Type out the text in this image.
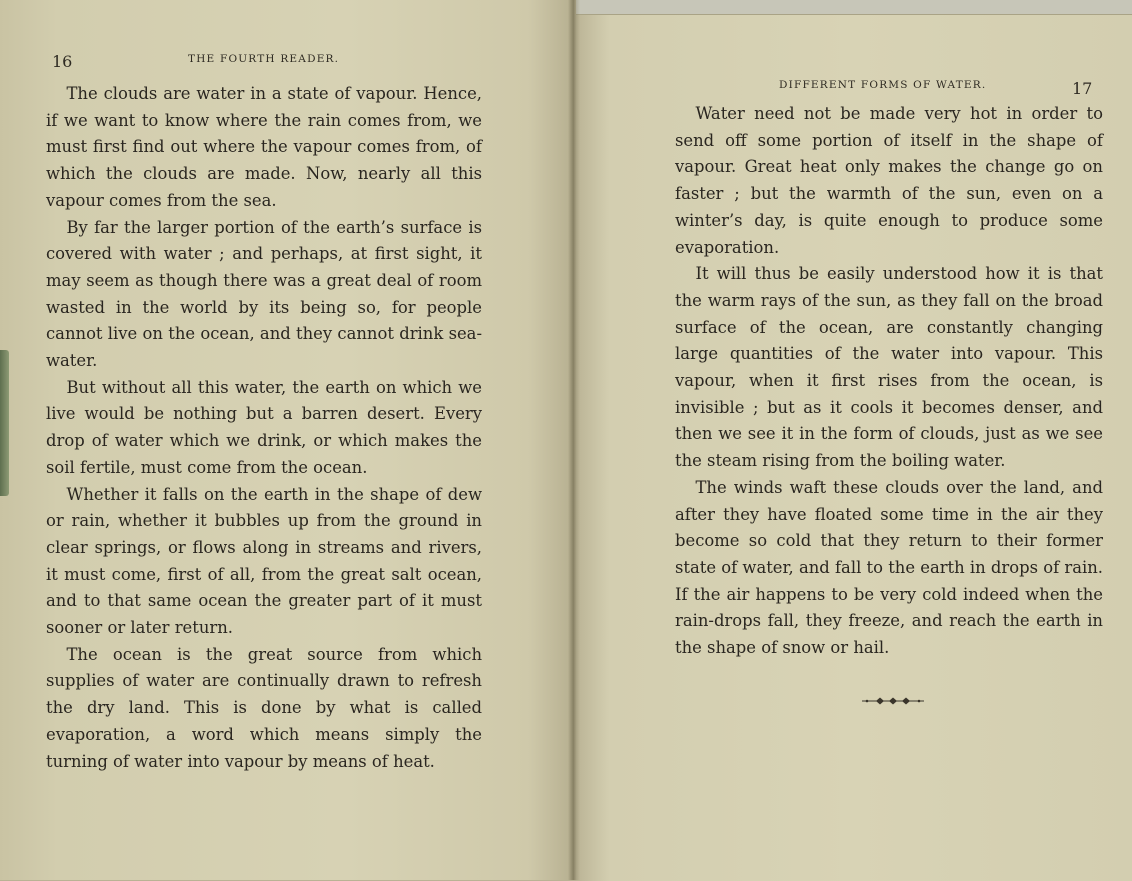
16	THE FOURTH READER.
DIFFERENT FORMS OF WATER.	17

The clouds are water in a state of vapour. Hence, if we want to know where the rain comes from, we must first find out where the vapour comes from, of which the clouds are made. Now, nearly all this vapour comes from the sea.

By far the larger portion of the earth’s surface is covered with water ; and perhaps, at first sight, it may seem as though there was a great deal of room wasted in the world by its being so, for people cannot live on the ocean, and they cannot drink sea-water.

But without all this water, the earth on which we live would be nothing but a barren desert. Every drop of water which we drink, or which makes the soil fertile, must come from the ocean.

Whether it falls on the earth in the shape of dew or rain, whether it bubbles up from the ground in clear springs, or flows along in streams and rivers, it must come, first of all, from the great salt ocean, and to that same ocean the greater part of it must sooner or later return.

The ocean is the great source from which supplies of water are continually drawn to refresh the dry land. This is done by what is called evaporation, a word which means simply the turning of water into vapour by means of heat.

Water need not be made very hot in order to send off some portion of itself in the shape of vapour. Great heat only makes the change go on faster ; but the warmth of the sun, even on a winter’s day, is quite enough to produce some evaporation.

It will thus be easily understood how it is that the warm rays of the sun, as they fall on the broad surface of the ocean, are constantly changing large quantities of the water into vapour. This vapour, when it first rises from the ocean, is invisible ; but as it cools it becomes denser, and then we see it in the form of clouds, just as we see the steam rising from the boiling water.

The winds waft these clouds over the land, and after they have floated some time in the air they become so cold that they return to their former state of water, and fall to the earth in drops of rain. If the air happens to be very cold indeed when the rain-drops fall, they freeze, and reach the earth in the shape of snow or hail.
